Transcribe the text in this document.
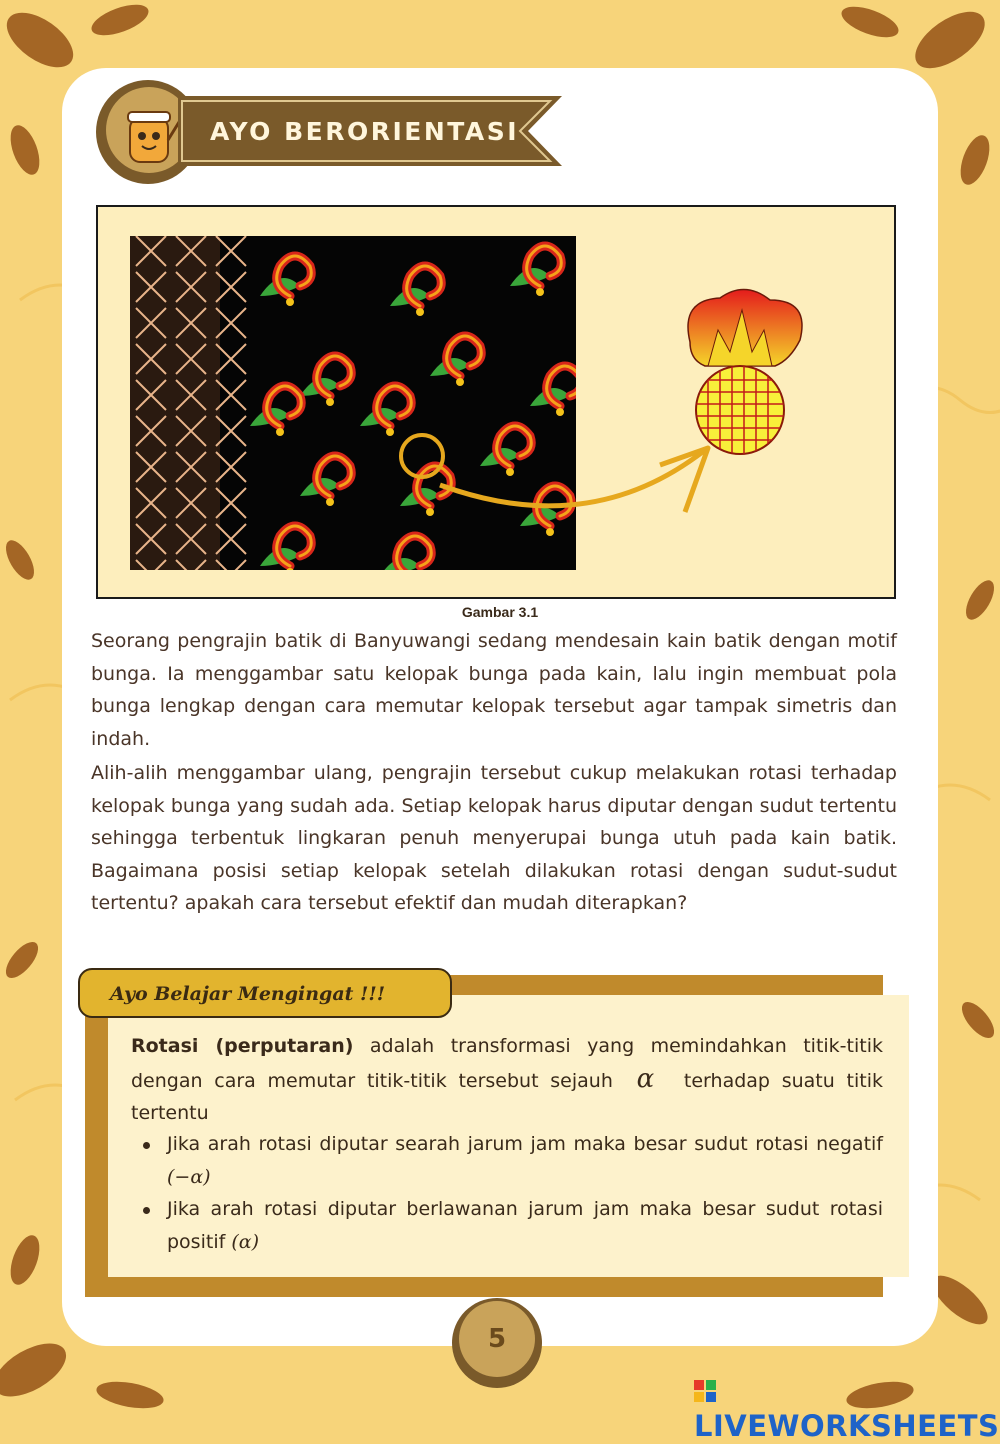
AYO BERORIENTASI
Gambar 3.1

Seorang pengrajin batik di Banyuwangi sedang mendesain kain batik dengan motif bunga. Ia menggambar satu kelopak bunga pada kain, lalu ingin membuat pola bunga lengkap dengan cara memutar kelopak tersebut agar tampak simetris dan indah.

Alih-alih menggambar ulang, pengrajin tersebut cukup melakukan rotasi terhadap kelopak bunga yang sudah ada. Setiap kelopak harus diputar dengan sudut tertentu sehingga terbentuk lingkaran penuh menyerupai bunga utuh pada kain batik. Bagaimana posisi setiap kelopak setelah dilakukan rotasi dengan sudut-sudut tertentu? apakah cara tersebut efektif dan mudah diterapkan?

Ayo Belajar Mengingat !!!

Rotasi (perputaran) adalah transformasi yang memindahkan titik-titik dengan cara memutar titik-titik tersebut sejauh α terhadap suatu titik tertentu

Jika arah rotasi diputar searah jarum jam maka besar sudut rotasi negatif (−α)
Jika arah rotasi diputar berlawanan jarum jam maka besar sudut rotasi positif (α)
5
LIVEWORKSHEETS
